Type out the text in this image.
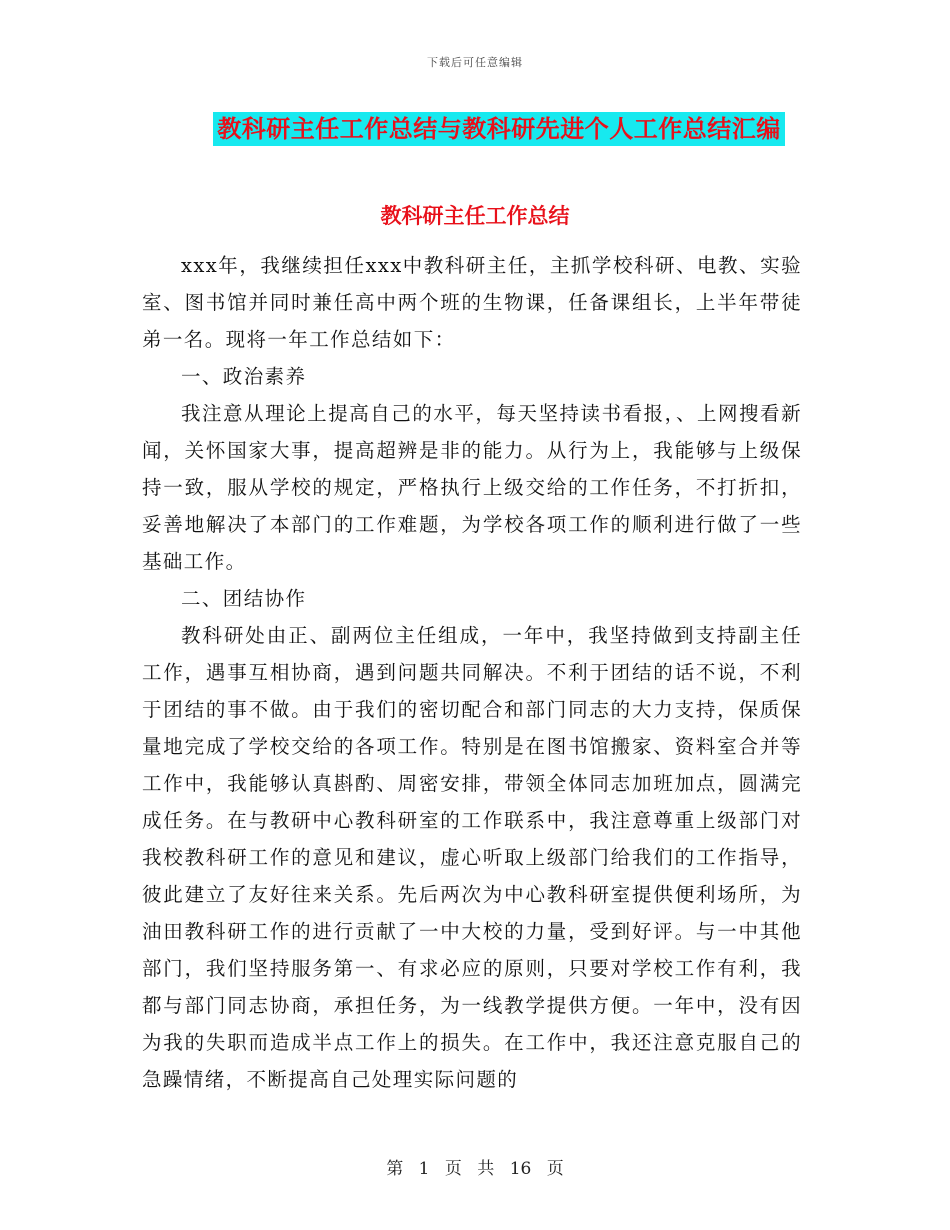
下载后可任意编辑
教科研主任工作总结与教科研先进个人工作总结汇编
教科研主任工作总结

xxx年，我继续担任xxx中教科研主任，主抓学校科研、电教、实验室、图书馆并同时兼任高中两个班的生物课，任备课组长，上半年带徒弟一名。现将一年工作总结如下：

一、政治素养

我注意从理论上提高自己的水平，每天坚持读书看报，、上网搜看新闻，关怀国家大事，提高超辨是非的能力。从行为上，我能够与上级保持一致，服从学校的规定，严格执行上级交给的工作任务，不打折扣，妥善地解决了本部门的工作难题，为学校各项工作的顺利进行做了一些基础工作。

二、团结协作

教科研处由正、副两位主任组成，一年中，我坚持做到支持副主任工作，遇事互相协商，遇到问题共同解决。不利于团结的话不说，不利于团结的事不做。由于我们的密切配合和部门同志的大力支持，保质保量地完成了学校交给的各项工作。特别是在图书馆搬家、资料室合并等工作中，我能够认真斟酌、周密安排，带领全体同志加班加点，圆满完成任务。在与教研中心教科研室的工作联系中，我注意尊重上级部门对我校教科研工作的意见和建议，虚心听取上级部门给我们的工作指导，彼此建立了友好往来关系。先后两次为中心教科研室提供便利场所，为油田教科研工作的进行贡献了一中大校的力量，受到好评。与一中其他部门，我们坚持服务第一、有求必应的原则，只要对学校工作有利，我都与部门同志协商，承担任务，为一线教学提供方便。一年中，没有因为我的失职而造成半点工作上的损失。在工作中，我还注意克服自己的急躁情绪，不断提高自己处理实际问题的

第 1 页 共 16 页
